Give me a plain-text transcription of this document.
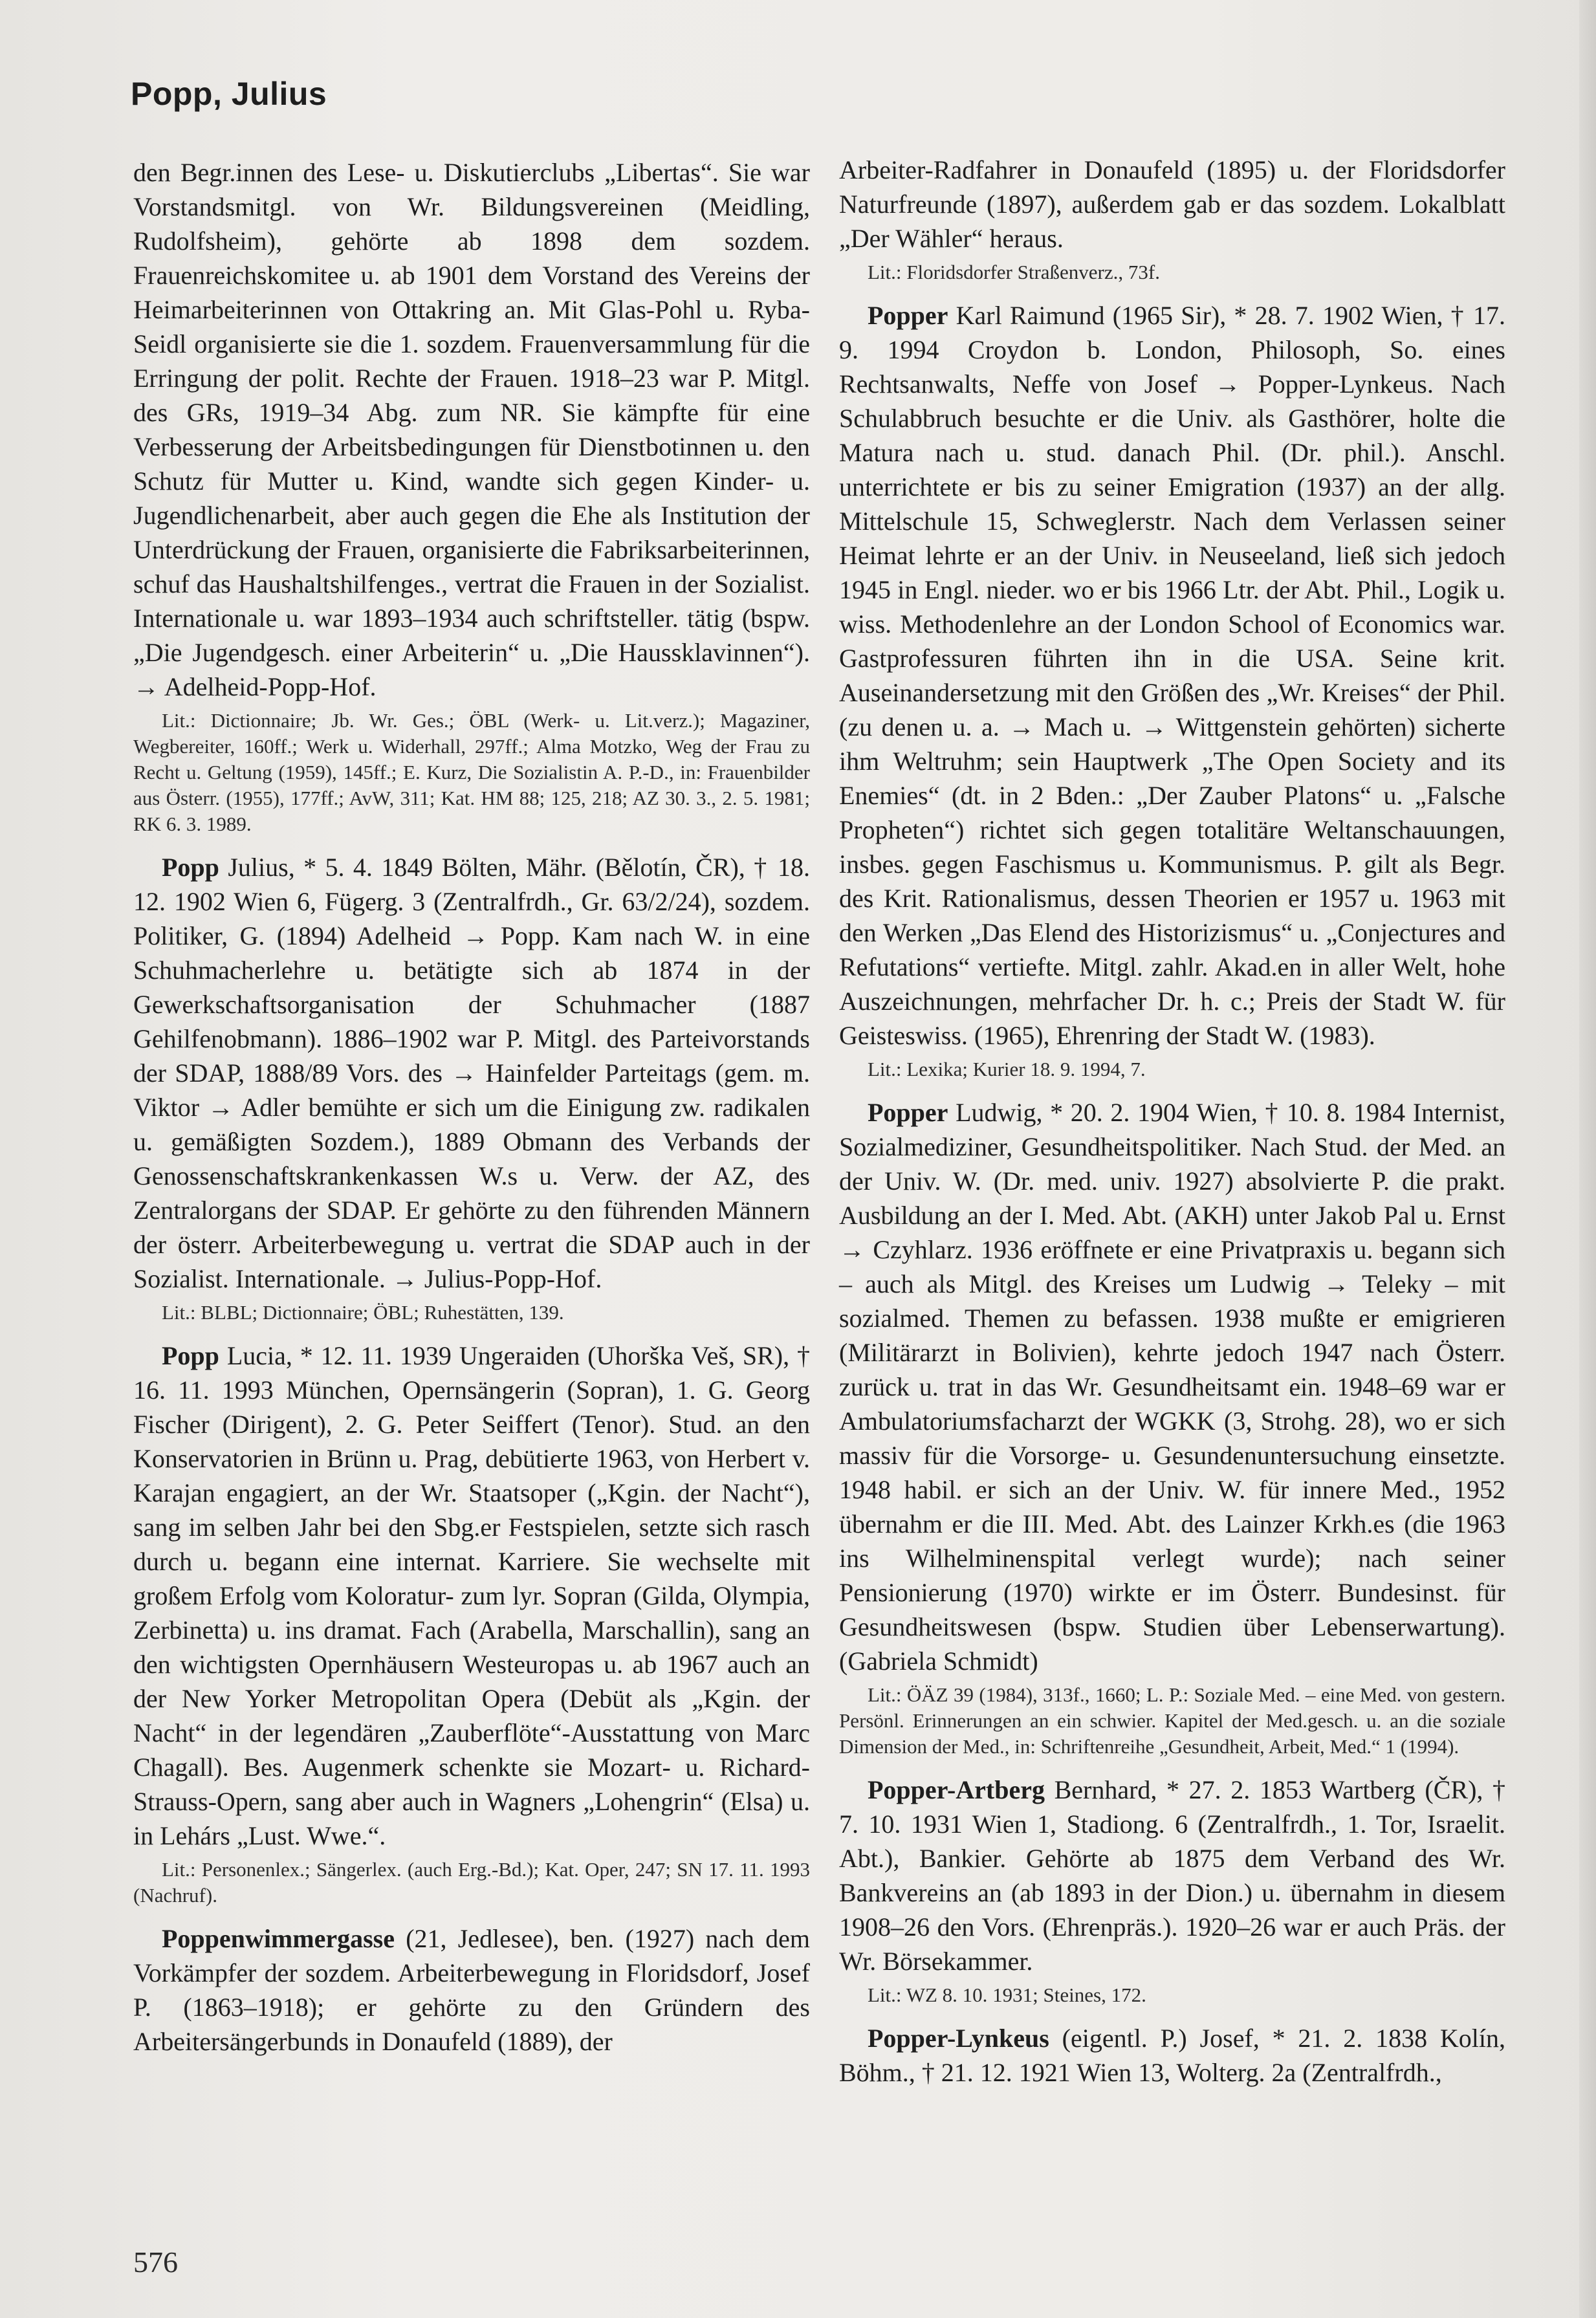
Popp, Julius

den Begr.innen des Lese- u. Diskutierclubs „Libertas“. Sie war Vorstandsmitgl. von Wr. Bildungsvereinen (Meidling, Rudolfsheim), gehörte ab 1898 dem sozdem. Frauenreichskomitee u. ab 1901 dem Vorstand des Vereins der Heimarbeiterinnen von Ottakring an. Mit Glas-Pohl u. Ryba-Seidl organisierte sie die 1. sozdem. Frauenversammlung für die Erringung der polit. Rechte der Frauen. 1918–23 war P. Mitgl. des GRs, 1919–34 Abg. zum NR. Sie kämpfte für eine Verbesserung der Arbeitsbedingungen für Dienstbotinnen u. den Schutz für Mutter u. Kind, wandte sich gegen Kinder- u. Jugendlichenarbeit, aber auch gegen die Ehe als Institution der Unterdrückung der Frauen, organisierte die Fabriksarbeiterinnen, schuf das Haushaltshilfenges., vertrat die Frauen in der Sozialist. Internationale u. war 1893–1934 auch schriftsteller. tätig (bspw. „Die Jugendgesch. einer Arbeiterin“ u. „Die Haussklavinnen“). → Adelheid-Popp-Hof.

Lit.: Dictionnaire; Jb. Wr. Ges.; ÖBL (Werk- u. Lit.verz.); Magaziner, Wegbereiter, 160ff.; Werk u. Widerhall, 297ff.; Alma Motzko, Weg der Frau zu Recht u. Geltung (1959), 145ff.; E. Kurz, Die Sozialistin A. P.-D., in: Frauenbilder aus Österr. (1955), 177ff.; AvW, 311; Kat. HM 88; 125, 218; AZ 30. 3., 2. 5. 1981; RK 6. 3. 1989.

Popp Julius, * 5. 4. 1849 Bölten, Mähr. (Bělotín, ČR), † 18. 12. 1902 Wien 6, Fügerg. 3 (Zentralfrdh., Gr. 63/2/24), sozdem. Politiker, G. (1894) Adelheid → Popp. Kam nach W. in eine Schuhmacherlehre u. betätigte sich ab 1874 in der Gewerkschaftsorganisation der Schuhmacher (1887 Gehilfenobmann). 1886–1902 war P. Mitgl. des Parteivorstands der SDAP, 1888/89 Vors. des → Hainfelder Parteitags (gem. m. Viktor → Adler bemühte er sich um die Einigung zw. radikalen u. gemäßigten Sozdem.), 1889 Obmann des Verbands der Genossenschaftskrankenkassen W.s u. Verw. der AZ, des Zentralorgans der SDAP. Er gehörte zu den führenden Männern der österr. Arbeiterbewegung u. vertrat die SDAP auch in der Sozialist. Internationale. → Julius-Popp-Hof.

Lit.: BLBL; Dictionnaire; ÖBL; Ruhestätten, 139.

Popp Lucia, * 12. 11. 1939 Ungeraiden (Uhorška Veš, SR), † 16. 11. 1993 München, Opernsängerin (Sopran), 1. G. Georg Fischer (Dirigent), 2. G. Peter Seiffert (Tenor). Stud. an den Konservatorien in Brünn u. Prag, debütierte 1963, von Herbert v. Karajan engagiert, an der Wr. Staatsoper („Kgin. der Nacht“), sang im selben Jahr bei den Sbg.er Festspielen, setzte sich rasch durch u. begann eine internat. Karriere. Sie wechselte mit großem Erfolg vom Koloratur- zum lyr. Sopran (Gilda, Olympia, Zerbinetta) u. ins dramat. Fach (Arabella, Marschallin), sang an den wichtigsten Opernhäusern Westeuropas u. ab 1967 auch an der New Yorker Metropolitan Opera (Debüt als „Kgin. der Nacht“ in der legendären „Zauberflöte“-Ausstattung von Marc Chagall). Bes. Augenmerk schenkte sie Mozart- u. Richard-Strauss-Opern, sang aber auch in Wagners „Lohengrin“ (Elsa) u. in Lehárs „Lust. Wwe.“.

Lit.: Personenlex.; Sängerlex. (auch Erg.-Bd.); Kat. Oper, 247; SN 17. 11. 1993 (Nachruf).

Poppenwimmergasse (21, Jedlesee), ben. (1927) nach dem Vorkämpfer der sozdem. Arbeiterbewegung in Floridsdorf, Josef P. (1863–1918); er gehörte zu den Gründern des Arbeitersängerbunds in Donaufeld (1889), der

Arbeiter-Radfahrer in Donaufeld (1895) u. der Floridsdorfer Naturfreunde (1897), außerdem gab er das sozdem. Lokalblatt „Der Wähler“ heraus.

Lit.: Floridsdorfer Straßenverz., 73f.

Popper Karl Raimund (1965 Sir), * 28. 7. 1902 Wien, † 17. 9. 1994 Croydon b. London, Philosoph, So. eines Rechtsanwalts, Neffe von Josef → Popper-Lynkeus. Nach Schulabbruch besuchte er die Univ. als Gasthörer, holte die Matura nach u. stud. danach Phil. (Dr. phil.). Anschl. unterrichtete er bis zu seiner Emigration (1937) an der allg. Mittelschule 15, Schweglerstr. Nach dem Verlassen seiner Heimat lehrte er an der Univ. in Neuseeland, ließ sich jedoch 1945 in Engl. nieder. wo er bis 1966 Ltr. der Abt. Phil., Logik u. wiss. Methodenlehre an der London School of Economics war. Gastprofessuren führten ihn in die USA. Seine krit. Auseinandersetzung mit den Größen des „Wr. Kreises“ der Phil. (zu denen u. a. → Mach u. → Wittgenstein gehörten) sicherte ihm Weltruhm; sein Hauptwerk „The Open Society and its Enemies“ (dt. in 2 Bden.: „Der Zauber Platons“ u. „Falsche Propheten“) richtet sich gegen totalitäre Weltanschauungen, insbes. gegen Faschismus u. Kommunismus. P. gilt als Begr. des Krit. Rationalismus, dessen Theorien er 1957 u. 1963 mit den Werken „Das Elend des Historizismus“ u. „Conjectures and Refutations“ vertiefte. Mitgl. zahlr. Akad.en in aller Welt, hohe Auszeichnungen, mehrfacher Dr. h. c.; Preis der Stadt W. für Geisteswiss. (1965), Ehrenring der Stadt W. (1983).

Lit.: Lexika; Kurier 18. 9. 1994, 7.

Popper Ludwig, * 20. 2. 1904 Wien, † 10. 8. 1984 Internist, Sozialmediziner, Gesundheitspolitiker. Nach Stud. der Med. an der Univ. W. (Dr. med. univ. 1927) absolvierte P. die prakt. Ausbildung an der I. Med. Abt. (AKH) unter Jakob Pal u. Ernst → Czyhlarz. 1936 eröffnete er eine Privatpraxis u. begann sich – auch als Mitgl. des Kreises um Ludwig → Teleky – mit sozialmed. Themen zu befassen. 1938 mußte er emigrieren (Militärarzt in Bolivien), kehrte jedoch 1947 nach Österr. zurück u. trat in das Wr. Gesundheitsamt ein. 1948–69 war er Ambulatoriumsfacharzt der WGKK (3, Strohg. 28), wo er sich massiv für die Vorsorge- u. Gesundenuntersuchung einsetzte. 1948 habil. er sich an der Univ. W. für innere Med., 1952 übernahm er die III. Med. Abt. des Lainzer Krkh.es (die 1963 ins Wilhelminenspital verlegt wurde); nach seiner Pensionierung (1970) wirkte er im Österr. Bundesinst. für Gesundheitswesen (bspw. Studien über Lebenserwartung). (Gabriela Schmidt)

Lit.: ÖÄZ 39 (1984), 313f., 1660; L. P.: Soziale Med. – eine Med. von gestern. Persönl. Erinnerungen an ein schwier. Kapitel der Med.gesch. u. an die soziale Dimension der Med., in: Schriftenreihe „Gesundheit, Arbeit, Med.“ 1 (1994).

Popper-Artberg Bernhard, * 27. 2. 1853 Wartberg (ČR), † 7. 10. 1931 Wien 1, Stadiong. 6 (Zentralfrdh., 1. Tor, Israelit. Abt.), Bankier. Gehörte ab 1875 dem Verband des Wr. Bankvereins an (ab 1893 in der Dion.) u. übernahm in diesem 1908–26 den Vors. (Ehrenpräs.). 1920–26 war er auch Präs. der Wr. Börsekammer.

Lit.: WZ 8. 10. 1931; Steines, 172.

Popper-Lynkeus (eigentl. P.) Josef, * 21. 2. 1838 Kolín, Böhm., † 21. 12. 1921 Wien 13, Wolterg. 2a (Zentralfrdh.,

576
